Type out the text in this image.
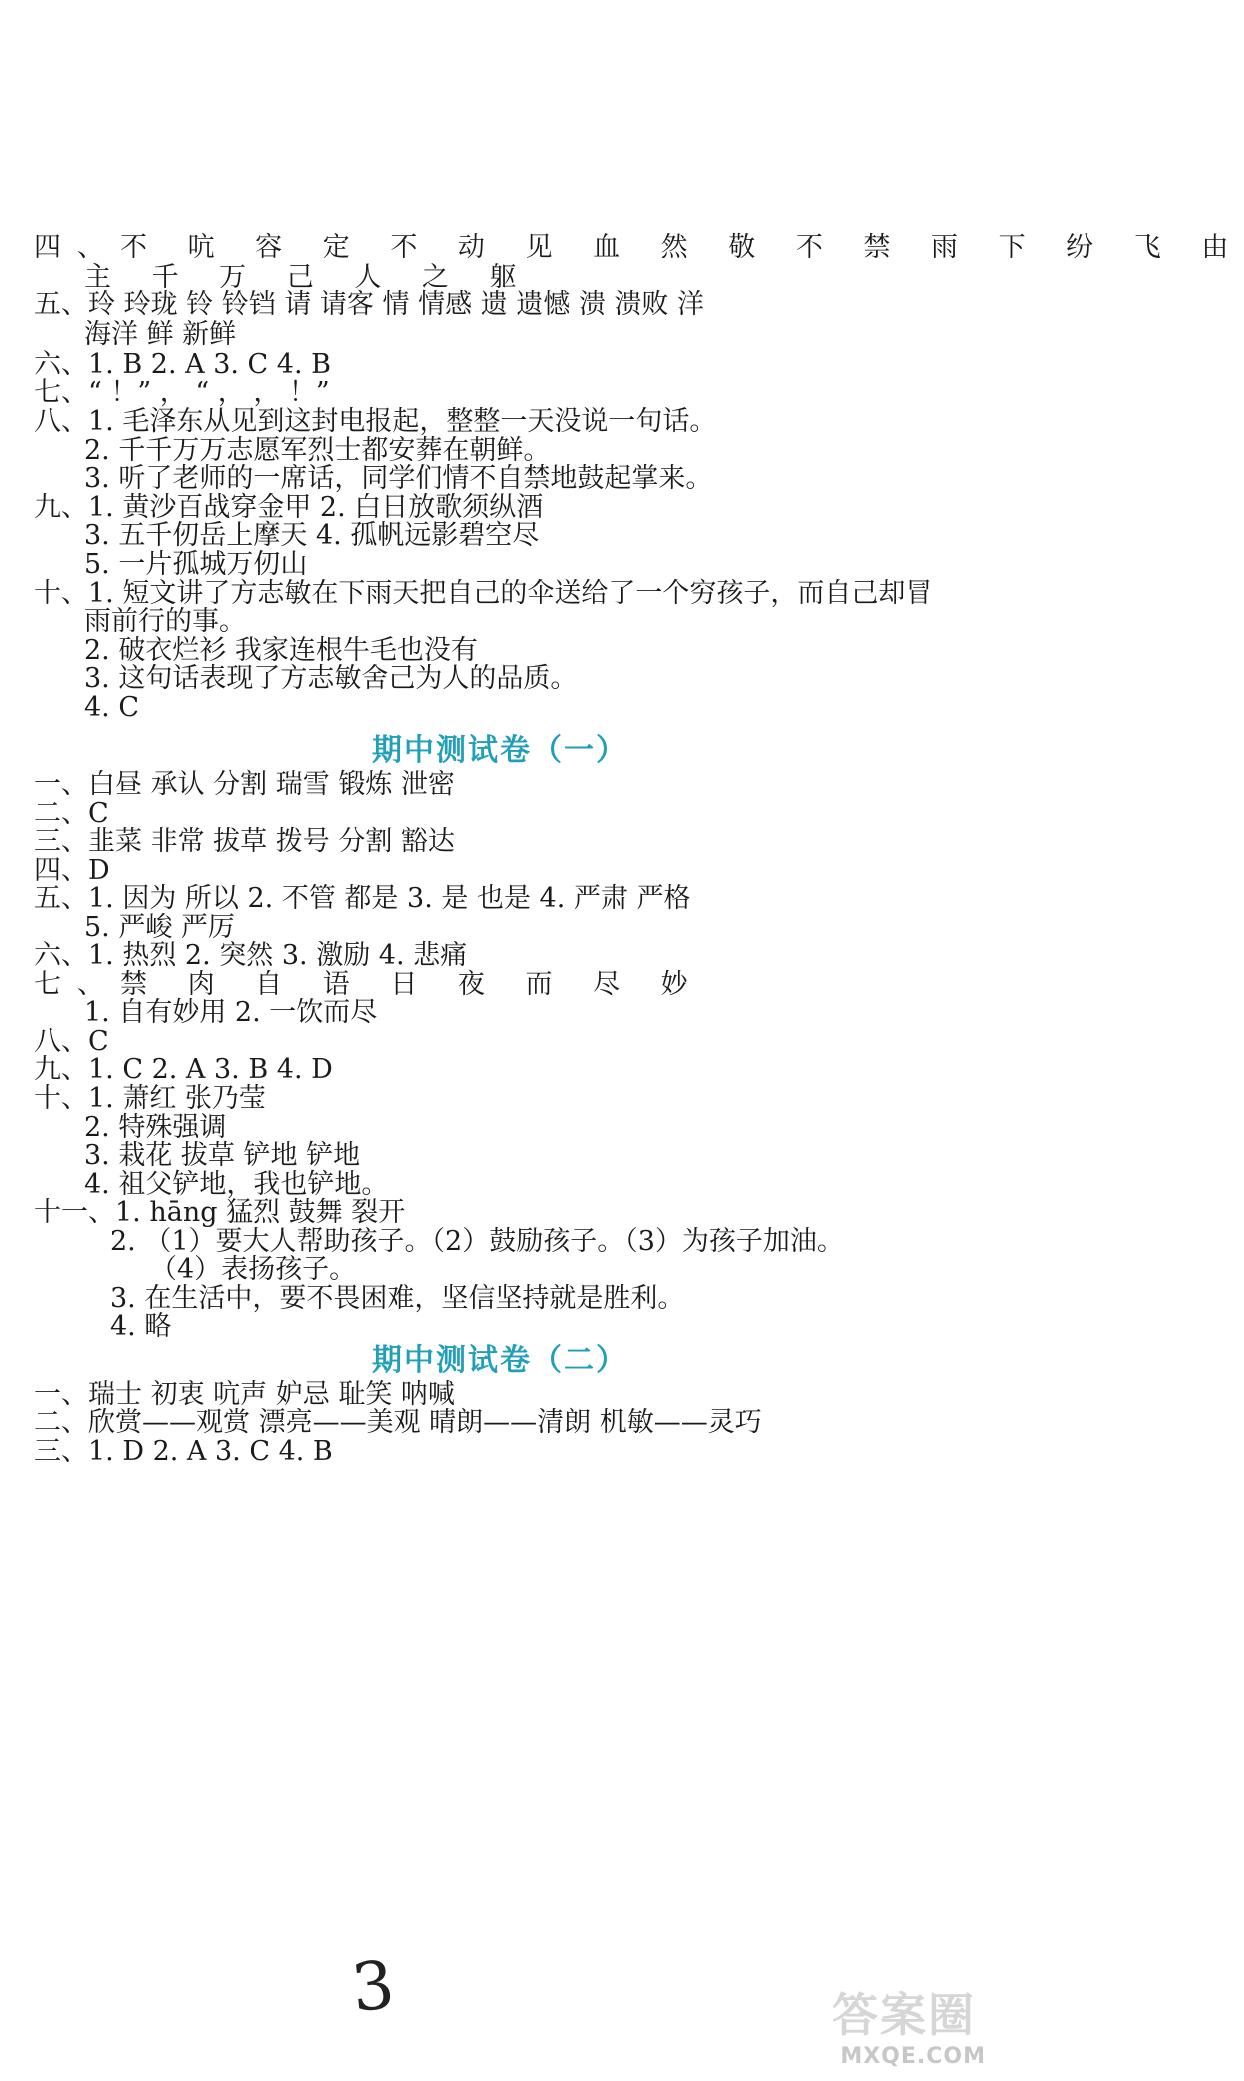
四、不 吭 容 定 不 动 见 血 然 敬 不 禁 雨 下 纷 飞 由
主 千 万 己 人 之 躯
五、玲 玲珑 铃 铃铛 请 请客 情 情感 遗 遗憾 溃 溃败 洋
海洋 鲜 新鲜
六、1. B 2. A 3. C 4. B
七、“ ！” ， “ ， ， ！”
八、1. 毛泽东从见到这封电报起，整整一天没说一句话。
2. 千千万万志愿军烈士都安葬在朝鲜。
3. 听了老师的一席话，同学们情不自禁地鼓起掌来。
九、1. 黄沙百战穿金甲 2. 白日放歌须纵酒
3. 五千仞岳上摩天 4. 孤帆远影碧空尽
5. 一片孤城万仞山
十、1. 短文讲了方志敏在下雨天把自己的伞送给了一个穷孩子，而自己却冒
雨前行的事。
2. 破衣烂衫 我家连根牛毛也没有
3. 这句话表现了方志敏舍己为人的品质。
4. C
期中测试卷（一）
一、白昼 承认 分割 瑞雪 锻炼 泄密
二、C
三、韭菜 非常 拔草 拨号 分割 豁达
四、D
五、1. 因为 所以 2. 不管 都是 3. 是 也是 4. 严肃 严格
5. 严峻 严厉
六、1. 热烈 2. 突然 3. 激励 4. 悲痛
七、禁 肉 自 语 日 夜 而 尽 妙
1. 自有妙用 2. 一饮而尽
八、C
九、1. C 2. A 3. B 4. D
十、1. 萧红 张乃莹
2. 特殊强调
3. 栽花 拔草 铲地 铲地
4. 祖父铲地，我也铲地。
十一、1. hāng 猛烈 鼓舞 裂开
2. （1）要大人帮助孩子。（2）鼓励孩子。（3）为孩子加油。
（4）表扬孩子。
3. 在生活中，要不畏困难，坚信坚持就是胜利。
4. 略
期中测试卷（二）
一、瑞士 初衷 吭声 妒忌 耻笑 呐喊
二、欣赏——观赏 漂亮——美观 晴朗——清朗 机敏——灵巧
三、1. D 2. A 3. C 4. B
3	答案圈
MXQE.COM
